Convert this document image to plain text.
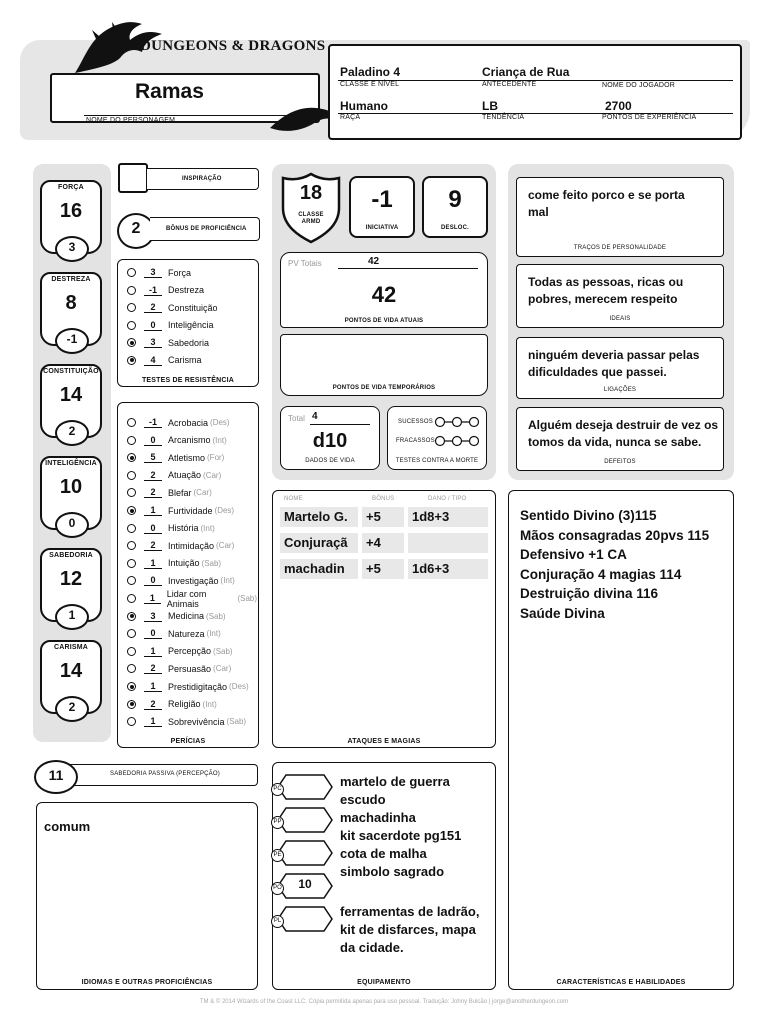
DUNGEONS & DRAGONS
Ramas
NOME DO PERSONAGEM
Paladino 4	Criança de Rua
CLASSE E NÍVEL	ANTECEDENTE	NOME DO JOGADOR
Humano	LB	2700
RAÇA	TENDÊNCIA	PONTOS DE EXPERIÊNCIA
FORÇA
16
3
DESTREZA
8
-1
CONSTITUIÇÃO
14
2
INTELIGÊNCIA
10
0
SABEDORIA
12
1
CARISMA
14
2
INSPIRAÇÃO
2	BÔNUS DE PROFICIÊNCIA
3	Força
-1	Destreza
2	Constituição
0	Inteligência
3	Sabedoria
4	Carisma
TESTES DE RESISTÊNCIA
-1	Acrobacia (Des)
0	Arcanismo (Int)
5	Atletismo (For)
2	Atuação (Car)
2	Blefar (Car)
1	Furtividade (Des)
0	História (Int)
2	Intimidação (Car)
1	Intuição (Sab)
0	Investigação (Int)
1	Lidar com Animais	(Sab)
3	Medicina (Sab)
0	Natureza (Int)
1	Percepção (Sab)
2	Persuasão (Car)
1	Prestidigitação (Des)
2	Religião (Int)
1	Sobrevivência (Sab)
PERÍCIAS
11	SABEDORIA PASSIVA (PERCEPÇÃO)
comum
IDIOMAS E OUTRAS PROFICIÊNCIAS
18
CLASSE ARMD
-1
INICIATIVA
9
DESLOC.
PV Totais	42
42
PONTOS DE VIDA ATUAIS
PONTOS DE VIDA TEMPORÁRIOS
Total 4
d10
DADOS DE VIDA
SUCESSOS
FRACASSOS
TESTES CONTRA A MORTE
NOME	BÔNUS	DANO / TIPO
Martelo G.	+5	1d8+3
Conjuraçã	+4
machadin	+5	1d6+3
ATAQUES E MAGIAS
PC
PP
PE
PO	10
PL
martelo de guerra
escudo
machadinha
kit sacerdote pg151
cota de malha
simbolo sagrado
ferramentas de ladrão,
kit de disfarces, mapa
da cidade.
EQUIPAMENTO
come feito porco e se porta
mal
TRAÇOS DE PERSONALIDADE
Todas as pessoas, ricas ou
pobres, merecem respeito
IDEAIS
ninguém deveria passar pelas
dificuldades que passei.
LIGAÇÕES
Alguém deseja destruir de vez os
tomos da vida, nunca se sabe.
DEFEITOS
Sentido Divino (3)115
Mãos consagradas 20pvs 115
Defensivo +1 CA
Conjuração 4 magias 114
Destruição divina 116
Saúde Divina
CARACTERÍSTICAS E HABILIDADES
TM & © 2014 Wizards of the Coast LLC. Cópia permitida apenas para uso pessoal. Tradução: Johny Bulcão | jorge@anotherdungeon.com
